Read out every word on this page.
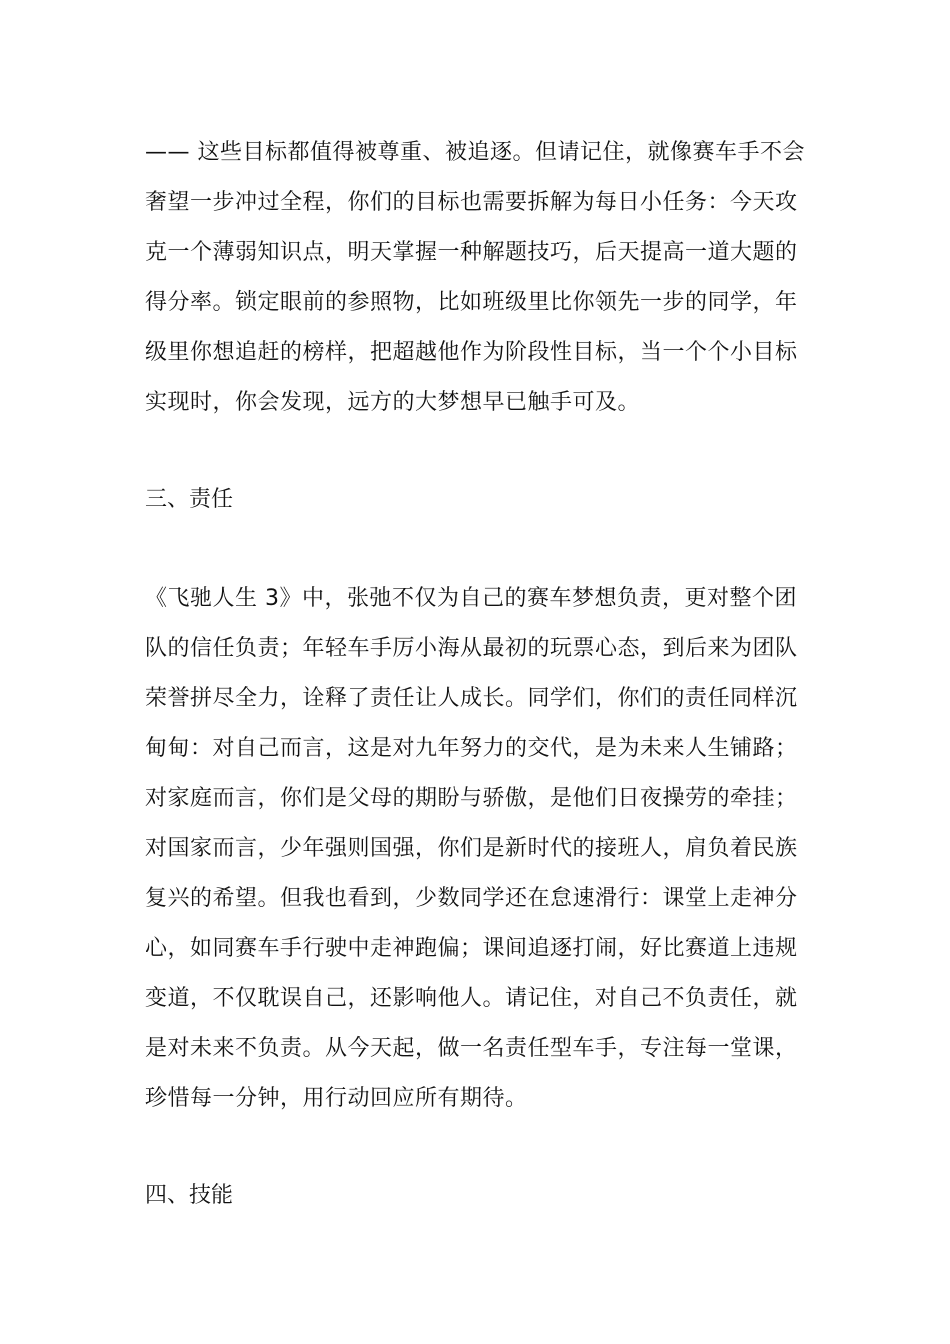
—— 这些目标都值得被尊重、被追逐。但请记住，就像赛车手不会
奢望一步冲过全程，你们的目标也需要拆解为每日小任务：今天攻
克一个薄弱知识点，明天掌握一种解题技巧，后天提高一道大题的
得分率。锁定眼前的参照物，比如班级里比你领先一步的同学，年
级里你想追赶的榜样，把超越他作为阶段性目标，当一个个小目标
实现时，你会发现，远方的大梦想早已触手可及。
三、责任
《飞驰人生 3》中，张弛不仅为自己的赛车梦想负责，更对整个团
队的信任负责；年轻车手厉小海从最初的玩票心态，到后来为团队
荣誉拼尽全力，诠释了责任让人成长。同学们，你们的责任同样沉
甸甸：对自己而言，这是对九年努力的交代，是为未来人生铺路；
对家庭而言，你们是父母的期盼与骄傲，是他们日夜操劳的牵挂；
对国家而言，少年强则国强，你们是新时代的接班人，肩负着民族
复兴的希望。但我也看到，少数同学还在怠速滑行：课堂上走神分
心，如同赛车手行驶中走神跑偏；课间追逐打闹，好比赛道上违规
变道，不仅耽误自己，还影响他人。请记住，对自己不负责任，就
是对未来不负责。从今天起，做一名责任型车手，专注每一堂课，
珍惜每一分钟，用行动回应所有期待。
四、技能
